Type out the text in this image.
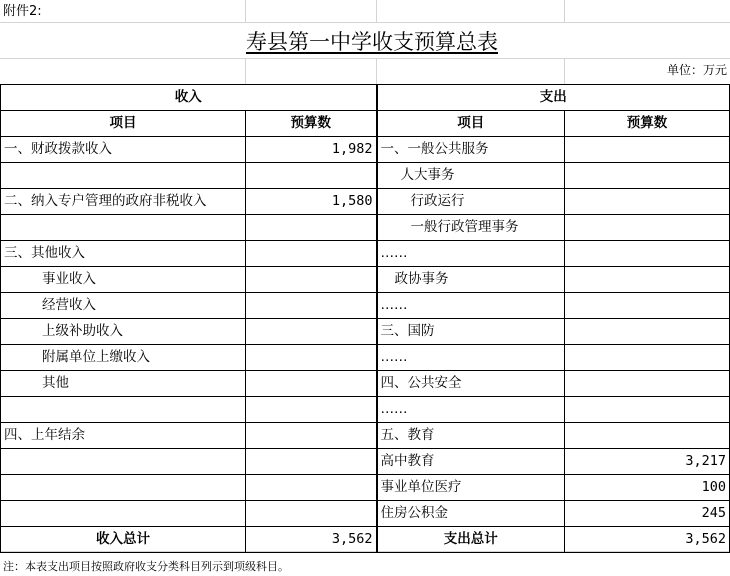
附件2:
寿县第一中学收支预算总表
单位：万元
收入		支出	
项目	预算数	项目	预算数
一、财政拨款收入	1,982	一、一般公共服务	
		人大事务	
二、纳入专户管理的政府非税收入	1,580	行政运行	
		一般行政管理事务	
三、其他收入		……	
事业收入		政协事务	
经营收入		……	
上级补助收入		三、国防	
附属单位上缴收入		……	
其他		四、公共安全	
		……	
四、上年结余		五、教育	
		高中教育	3,217
		事业单位医疗	100
		住房公积金	245
收入总计	3,562	支出总计	3,562
注：本表支出项目按照政府收支分类科目列示到项级科目。
